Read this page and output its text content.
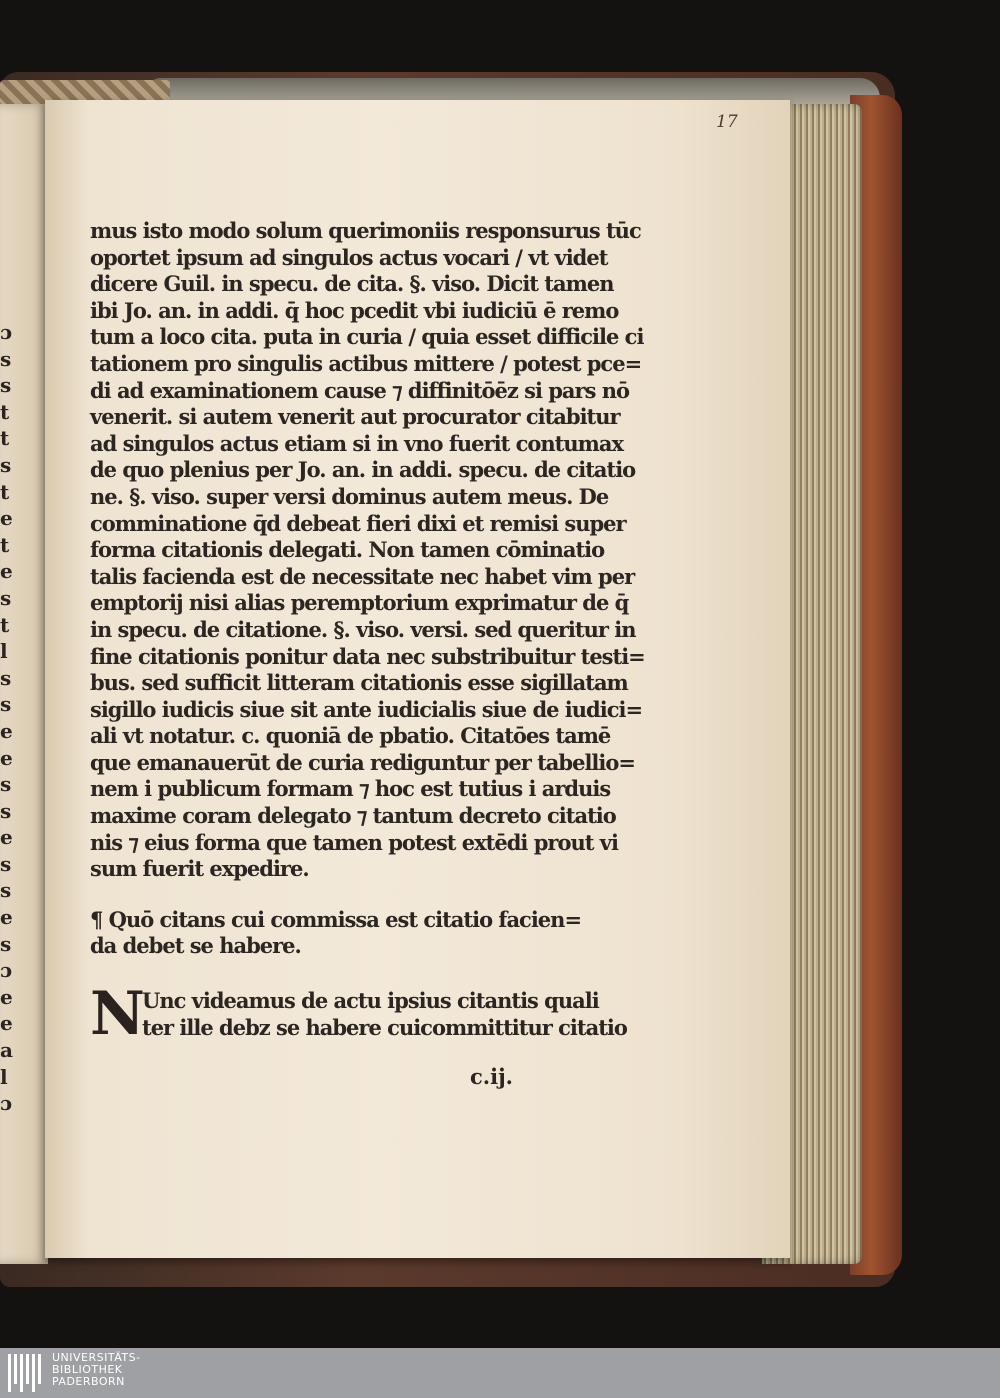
ɔ
s
s
t
t
s
t
e
t
e
s
t
l
s
s
e
e
s
s
e
s
s
e
s
ɔ
e
e
a
l
ɔ
17
mus isto modo solum querimoniis responsurus tūc
oportet ipsum ad singulos actus vocari / vt videt
dicere Guil. in specu. de cita. §. viso. Dicit tamen
ibi Jo. an. in addi. q̄ hoc pcedit vbi iudiciū ē remo
tum a loco cita. puta in curia / quia esset difficile ci
tationem pro singulis actibus mittere / potest pce=
di ad examinationem cause ⁊ diffinitōēz si pars nō
venerit. si autem venerit aut procurator citabitur
ad singulos actus etiam si in vno fuerit contumax
de quo plenius per Jo. an. in addi. specu. de citatio
ne. §. viso. super versi dominus autem meus. De
comminatione q̄d debeat fieri dixi et remisi super
forma citationis delegati. Non tamen cōminatio
talis facienda est de necessitate nec habet vim per
emptorij nisi alias peremptorium exprimatur de q̄
in specu. de citatione. §. viso. versi. sed queritur in
fine citationis ponitur data nec substribuitur testi=
bus. sed sufficit litteram citationis esse sigillatam
sigillo iudicis siue sit ante iudicialis siue de iudici=
ali vt notatur. c. quoniā de pbatio. Citatōes tamē
que emanauerūt de curia rediguntur per tabellio=
nem i publicum formam ⁊ hoc est tutius i arduis
maxime coram delegato ⁊ tantum decreto citatio
nis ⁊ eius forma que tamen potest extēdi prout vi
sum fuerit expedire.
¶ Quō citans cui commissa est citatio facien=
da debet se habere.
N
Unc videamus de actu ipsius citantis quali
ter ille debz se habere cuicommittitur citatio
c.ij.
UNIVERSITÄTS-
BIBLIOTHEK
PADERBORN
